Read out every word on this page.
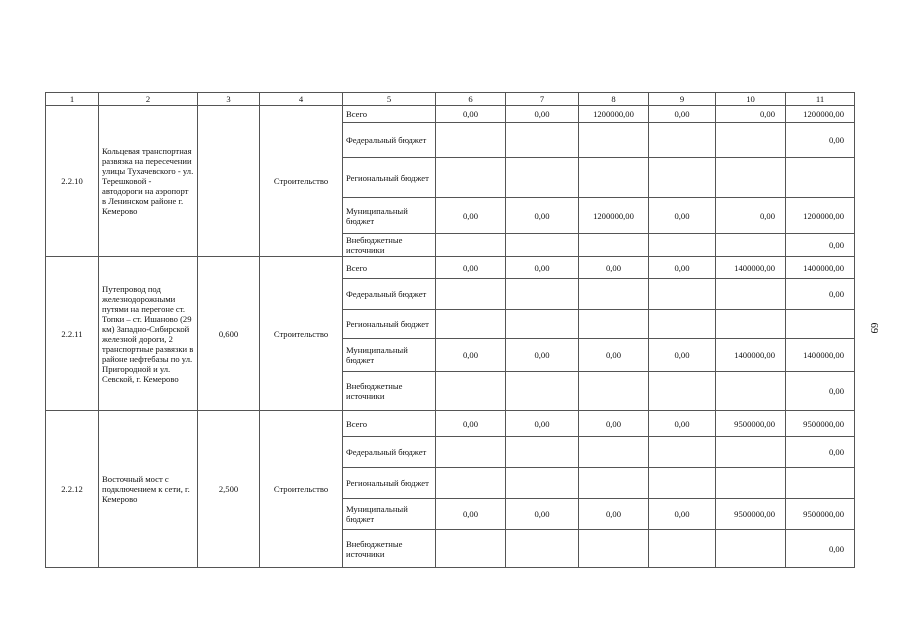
1	2	3	4	5	6	7	8	9	10	11
2.2.10	Кольцевая транспортная развязка на пересечении улицы Тухачевского - ул. Терешковой - автодороги на аэропорт в Ленинском районе г. Кемерово		Строительство	Всего	0,00	0,00	1200000,00	0,00	0,00	1200000,00
				Федеральный бюджет						0,00
				Региональный бюджет						
				Муниципальный бюджет	0,00	0,00	1200000,00	0,00	0,00	1200000,00
				Внебюджетные источники						0,00
2.2.11	Путепровод под железнодорожными путями на перегоне ст. Топки – ст. Ишаново (29 км) Западно-Сибирской железной дороги, 2 транспортные развязки в районе нефтебазы по ул. Пригородной и ул. Севской, г. Кемерово	0,600	Строительство	Всего	0,00	0,00	0,00	0,00	1400000,00	1400000,00
				Федеральный бюджет						0,00
				Региональный бюджет						
				Муниципальный бюджет	0,00	0,00	0,00	0,00	1400000,00	1400000,00
				Внебюджетные источники						0,00
2.2.12	Восточный мост с подключением к сети, г. Кемерово	2,500	Строительство	Всего	0,00	0,00	0,00	0,00	9500000,00	9500000,00
				Федеральный бюджет						0,00
				Региональный бюджет						
				Муниципальный бюджет	0,00	0,00	0,00	0,00	9500000,00	9500000,00
				Внебюджетные источники						0,00
69
